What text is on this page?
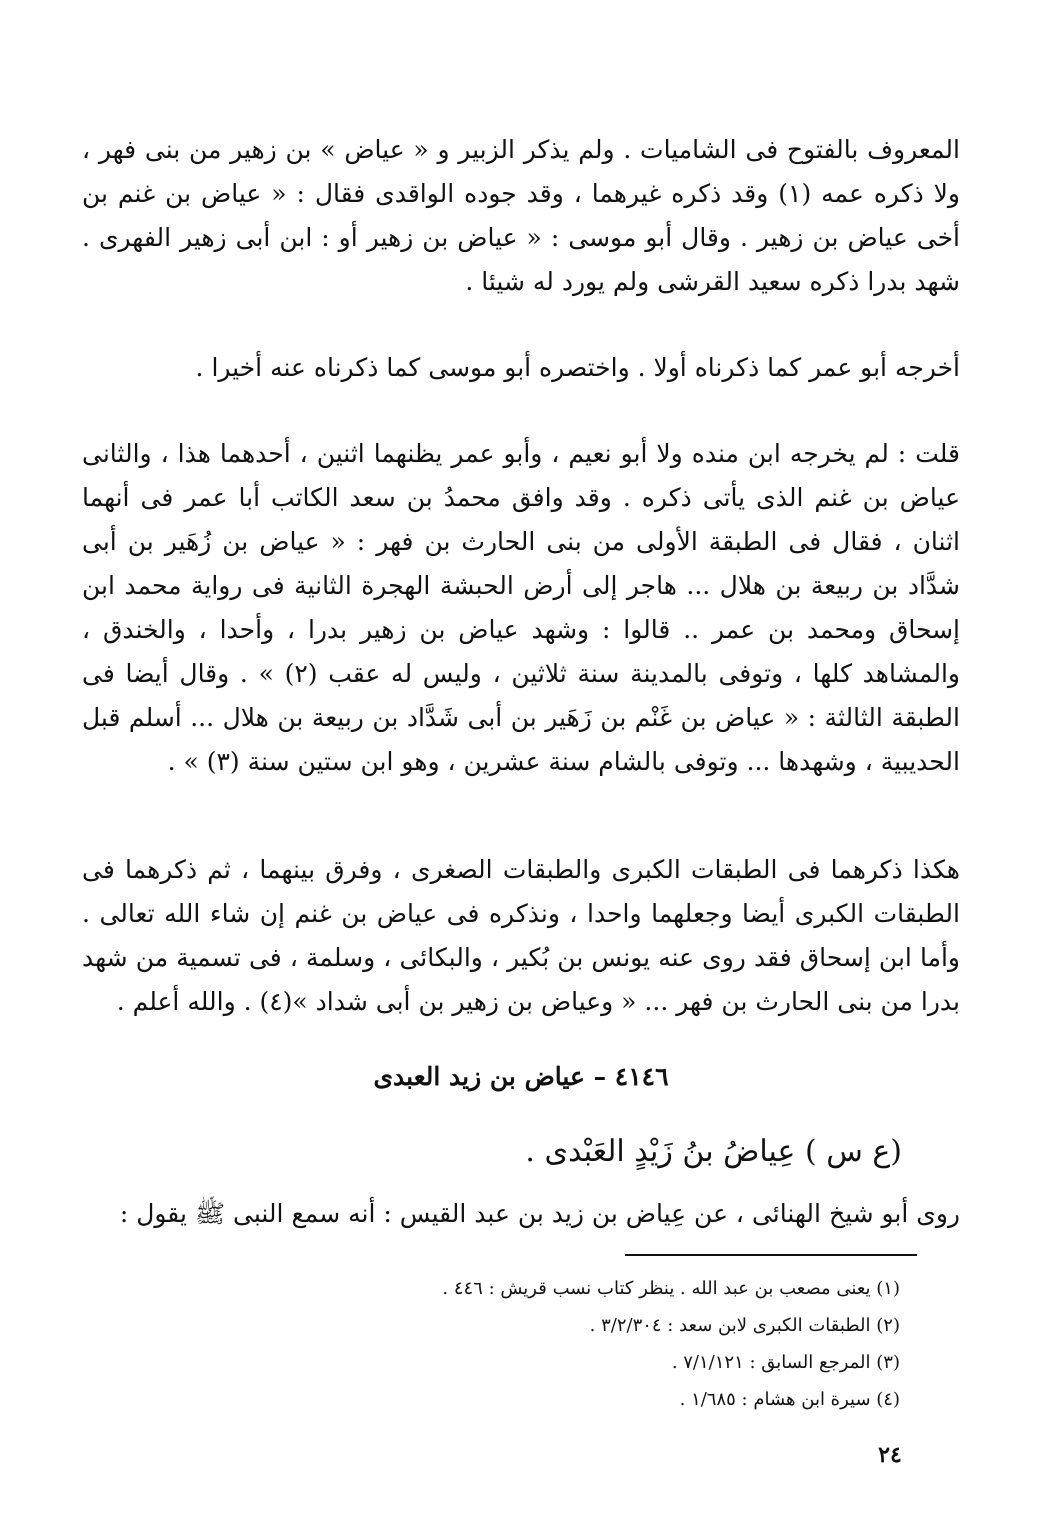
المعروف بالفتوح فى الشاميات . ولم يذكر الزبير و « عياض » بن زهير من بنى فهر ، ولا ذكره عمه (١) وقد ذكره غيرهما ، وقد جوده الواقدى فقال : « عياض بن غنم بن أخى عياض بن زهير . وقال أبو موسى : « عياض بن زهير أو : ابن أبى زهير الفهرى . شهد بدرا ذكره سعيد القرشى ولم يورد له شيئا .

أخرجه أبو عمر كما ذكرناه أولا . واختصره أبو موسى كما ذكرناه عنه أخيرا .

قلت : لم يخرجه ابن منده ولا أبو نعيم ، وأبو عمر يظنهما اثنين ، أحدهما هذا ، والثانى عياض بن غنم الذى يأتى ذكره . وقد وافق محمدُ بن سعد الكاتب أبا عمر فى أنهما اثنان ، فقال فى الطبقة الأولى من بنى الحارث بن فهر : « عياض بن زُهَير بن أبى شدَّاد بن ربيعة بن هلال ... هاجر إلى أرض الحبشة الهجرة الثانية فى رواية محمد ابن إسحاق ومحمد بن عمر .. قالوا : وشهد عياض بن زهير بدرا ، وأحدا ، والخندق ، والمشاهد كلها ، وتوفى بالمدينة سنة ثلاثين ، وليس له عقب (٢) » . وقال أيضا فى الطبقة الثالثة : « عياض بن غَنْم بن زَهَير بن أبى شَدَّاد بن ربيعة بن هلال ... أسلم قبل الحديبية ، وشهدها ... وتوفى بالشام سنة عشرين ، وهو ابن ستين سنة (٣) » .

هكذا ذكرهما فى الطبقات الكبرى والطبقات الصغرى ، وفرق بينهما ، ثم ذكرهما فى الطبقات الكبرى أيضا وجعلهما واحدا ، ونذكره فى عياض بن غنم إن شاء الله تعالى . وأما ابن إسحاق فقد روى عنه يونس بن بُكير ، والبكائى ، وسلمة ، فى تسمية من شهد بدرا من بنى الحارث بن فهر ... « وعياض بن زهير بن أبى شداد »(٤) . والله أعلم .

٤١٤٦ – عياض بن زيد العبدى
(ع س ) عِياضُ بنُ زَيْدٍ العَبْدى .

روى أبو شيخ الهنائى ، عن عِياض بن زيد بن عبد القيس : أنه سمع النبى ﷺ يقول :

(١) يعنى مصعب بن عبد الله . ينظر كتاب نسب قريش : ٤٤٦ .

(٢) الطبقات الكبرى لابن سعد : ٣/٢/٣٠٤ .

(٣) المرجع السابق : ٧/١/١٢١ .

(٤) سيرة ابن هشام : ١/٦٨٥ .

٢٤
